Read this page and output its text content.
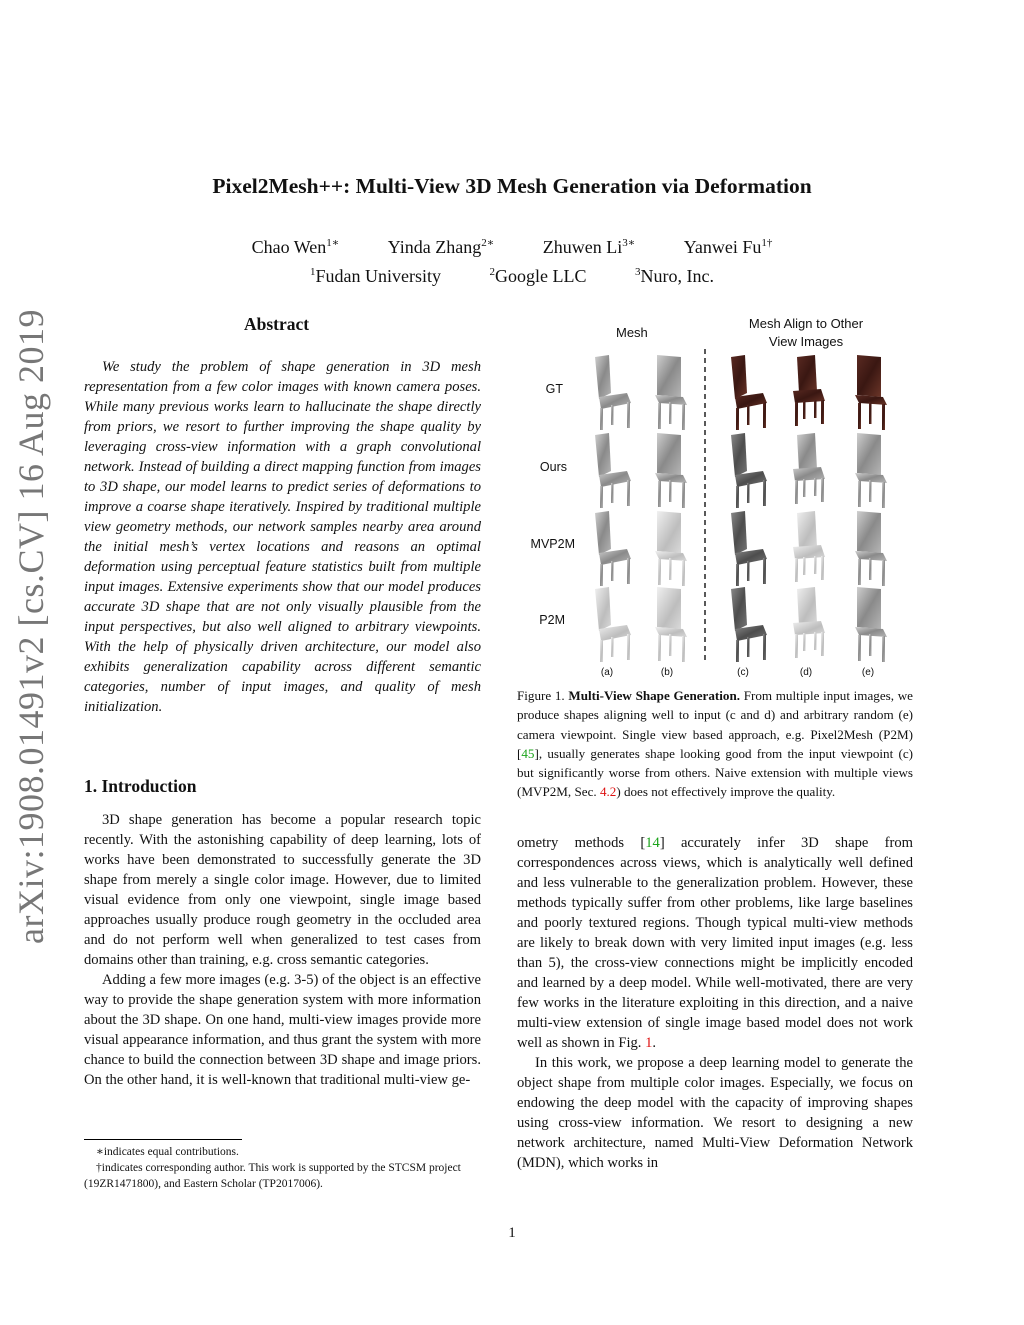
arXiv:1908.01491v2 [cs.CV] 16 Aug 2019
Pixel2Mesh++: Multi-View 3D Mesh Generation via Deformation
Chao Wen$^{1∗}$	Yinda Zhang$^{2∗}$	Zhuwen $Li^{3∗}$	Yanwei $Fu^{1\dagger}$
$^1$Fudan University	$^2$Google LLC	$^3$Nuro, Inc.
Abstract

We study the problem of shape generation in 3D mesh representation from a few color images with known camera poses. While many previous works learn to hallucinate the shape directly from priors, we resort to further improving the shape quality by leveraging cross-view information with a graph convolutional network. Instead of building a direct mapping function from images to 3D shape, our model learns to predict series of deformations to improve a coarse shape iteratively. Inspired by traditional multiple view geometry methods, our network samples nearby area around the initial mesh’s vertex locations and reasons an optimal deformation using perceptual feature statistics built from multiple input images. Extensive experiments show that our model produces accurate 3D shape that are not only visually plausible from the input perspectives, but also well aligned to arbitrary viewpoints. With the help of physically driven architecture, our model also exhibits generalization capability across different semantic categories, number of input images, and quality of mesh initialization.

1. Introduction

3D shape generation has become a popular research topic recently. With the astonishing capability of deep learning, lots of works have been demonstrated to successfully generate the 3D shape from merely a single color image. However, due to limited visual evidence from only one viewpoint, single image based approaches usually produce rough geometry in the occluded area and do not perform well when generalized to test cases from domains other than training, e.g. cross semantic categories.

Adding a few more images (e.g. 3-5) of the object is an effective way to provide the shape generation system with more information about the 3D shape. On one hand, multi-view images provide more visual appearance information, and thus grant the system with more chance to build the connection between 3D shape and image priors. On the other hand, it is well-known that traditional multi-view ge-

∗indicates equal contributions.

†indicates corresponding author. This work is supported by the STCSM project (19ZR1471800), and Eastern Scholar (TP2017006).

Mesh
Mesh Align to Other View Images
GT
Ours
MVP2M
P2M
(a)	(b)	(c)	(d)	(e)
Figure 1. Multi-View Shape Generation. From multiple input images, we produce shapes aligning well to input (c and d) and arbitrary random (e) camera viewpoint. Single view based approach, e.g. Pixel2Mesh (P2M) [45], usually generates shape looking good from the input viewpoint (c) but significantly worse from others. Naive extension with multiple views (MVP2M, Sec. 4.2) does not effectively improve the quality.

ometry methods [14] accurately infer 3D shape from correspondences across views, which is analytically well defined and less vulnerable to the generalization problem. However, these methods typically suffer from other problems, like large baselines and poorly textured regions. Though typical multi-view methods are likely to break down with very limited input images (e.g. less than 5), the cross-view connections might be implicitly encoded and learned by a deep model. While well-motivated, there are very few works in the literature exploiting in this direction, and a naive multi-view extension of single image based model does not work well as shown in Fig. 1.

In this work, we propose a deep learning model to generate the object shape from multiple color images. Especially, we focus on endowing the deep model with the capacity of improving shapes using cross-view information. We resort to designing a new network architecture, named Multi-View Deformation Network (MDN), which works in

1
